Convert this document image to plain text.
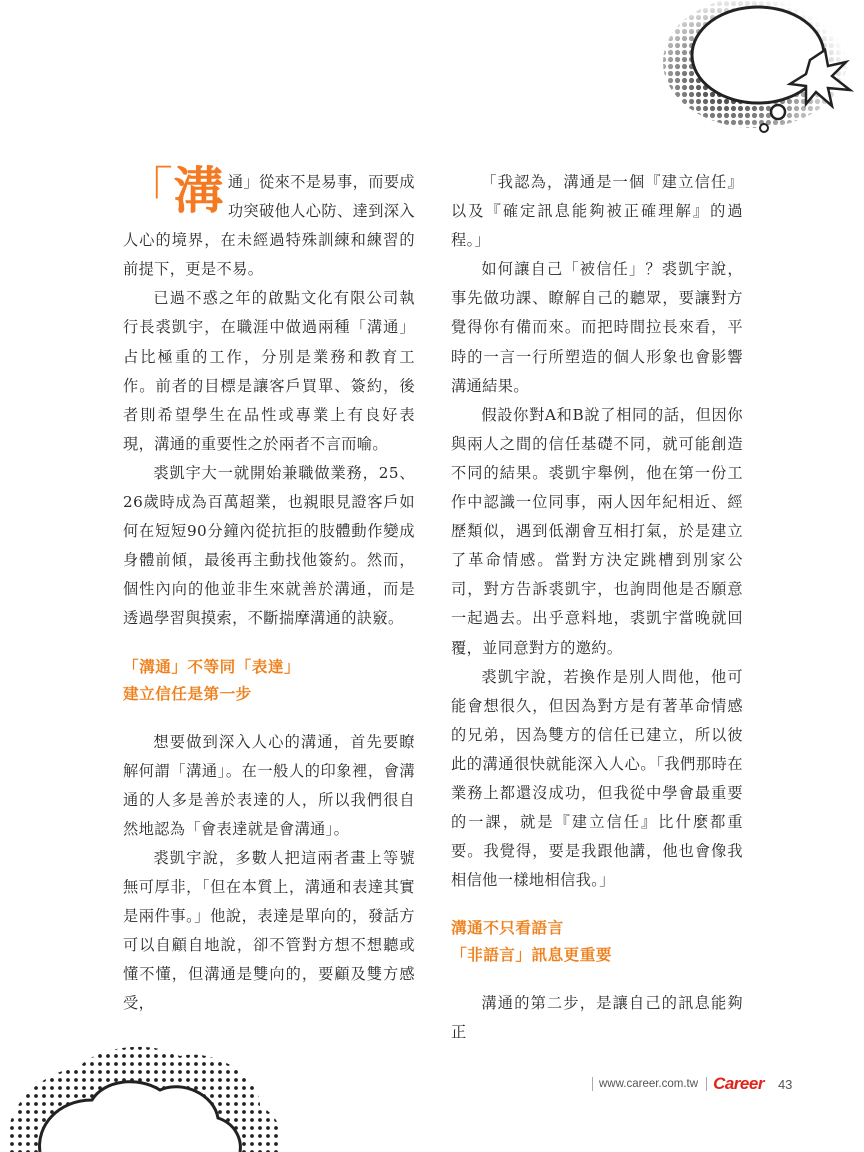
「溝 通」從來不是易事，而要成功突破他人心防、達到深入人心的境界，在未經過特殊訓練和練習的前提下，更是不易。

已過不惑之年的啟點文化有限公司執行長裘凱宇，在職涯中做過兩種「溝通」占比極重的工作，分別是業務和教育工作。前者的目標是讓客戶買單、簽約，後者則希望學生在品性或專業上有良好表現，溝通的重要性之於兩者不言而喻。

裘凱宇大一就開始兼職做業務，25、26歲時成為百萬超業，也親眼見證客戶如何在短短90分鐘內從抗拒的肢體動作變成身體前傾，最後再主動找他簽約。然而，個性內向的他並非生來就善於溝通，而是透過學習與摸索，不斷揣摩溝通的訣竅。

「溝通」不等同「表達」
建立信任是第一步

想要做到深入人心的溝通，首先要瞭解何謂「溝通」。在一般人的印象裡，會溝通的人多是善於表達的人，所以我們很自然地認為「會表達就是會溝通」。

裘凱宇說，多數人把這兩者畫上等號無可厚非，「但在本質上，溝通和表達其實是兩件事。」他說，表達是單向的，發話方可以自顧自地說，卻不管對方想不想聽或懂不懂，但溝通是雙向的，要顧及雙方感受，

「我認為，溝通是一個『建立信任』以及『確定訊息能夠被正確理解』的過程。」

如何讓自己「被信任」？裘凱宇說，事先做功課、瞭解自己的聽眾，要讓對方覺得你有備而來。而把時間拉長來看，平時的一言一行所塑造的個人形象也會影響溝通結果。

假設你對A和B說了相同的話，但因你與兩人之間的信任基礎不同，就可能創造不同的結果。裘凱宇舉例，他在第一份工作中認識一位同事，兩人因年紀相近、經歷類似，遇到低潮會互相打氣，於是建立了革命情感。當對方決定跳槽到別家公司，對方告訴裘凱宇，也詢問他是否願意一起過去。出乎意料地，裘凱宇當晚就回覆，並同意對方的邀約。

裘凱宇說，若換作是別人問他，他可能會想很久，但因為對方是有著革命情感的兄弟，因為雙方的信任已建立，所以彼此的溝通很快就能深入人心。「我們那時在業務上都還沒成功，但我從中學會最重要的一課，就是『建立信任』比什麼都重要。我覺得，要是我跟他講，他也會像我相信他一樣地相信我。」

溝通不只看語言
「非語言」訊息更重要

溝通的第二步，是讓自己的訊息能夠正

www.career.com.tw Career 43
